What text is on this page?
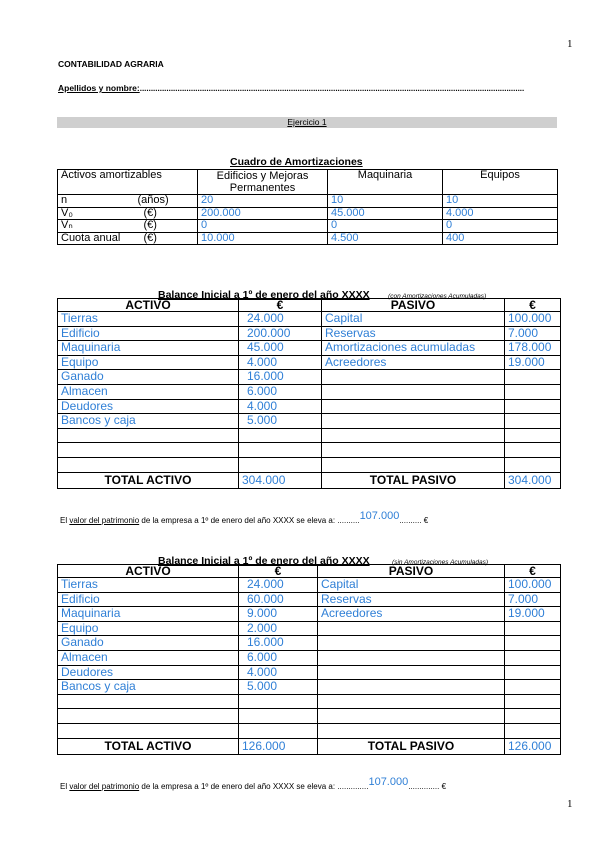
1
CONTABILIDAD AGRARIA
Apellidos y nombre:.............................................................................................................................................................................
Ejercicio 1
Cuadro de Amortizaciones
Activos amortizables	Edificios y Mejoras Permanentes	Maquinaria	Equipos
n (años)	20	10	10
V₀ (€)	200.000	45.000	4.000
Vₙ (€)	0	0	0
Cuota anual (€)	10.000	4.500	400
Balance Inicial a 1º de enero del año XXXX	(con Amortizaciones Acumuladas)
ACTIVO	€	PASIVO	€
Tierras	24.000	Capital	100.000
Edificio	200.000	Reservas	7.000
Maquinaria	45.000	Amortizaciones acumuladas	178.000
Equipo	4.000	Acreedores	19.000
Ganado	16.000		
Almacen	6.000		
Deudores	4.000		
Bancos y caja	5.000		

TOTAL ACTIVO	304.000	TOTAL PASIVO	304.000
El valor del patrimonio de la empresa a 1º de enero del año XXXX se eleva a: ..........107.000.......... €
Balance Inicial a 1º de enero del año XXXX	(sin Amortizaciones Acumuladas)
ACTIVO	€	PASIVO	€
Tierras	24.000	Capital	100.000
Edificio	60.000	Reservas	7.000
Maquinaria	9.000	Acreedores	19.000
Equipo	2.000		
Ganado	16.000		
Almacen	6.000		
Deudores	4.000		
Bancos y caja	5.000		

TOTAL ACTIVO	126.000	TOTAL PASIVO	126.000
El valor del patrimonio de la empresa a 1º de enero del año XXXX se eleva a: ..............107.000.............. €
1
